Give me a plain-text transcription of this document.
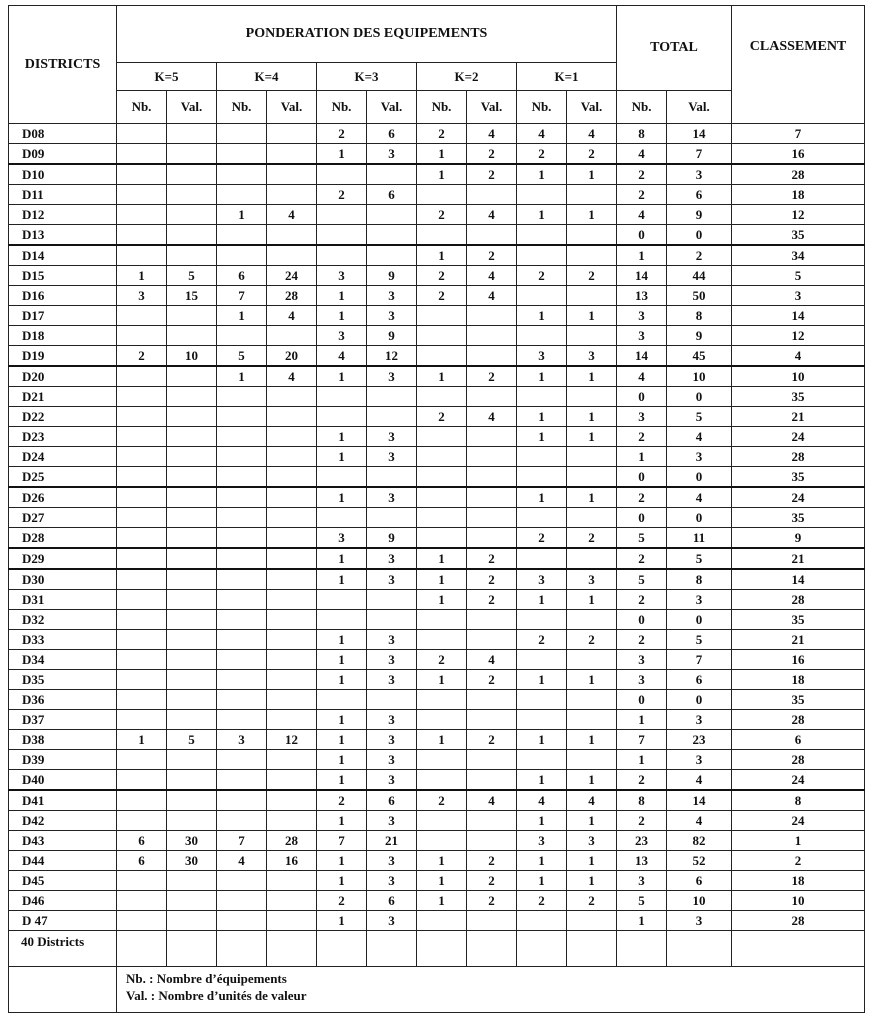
DISTRICTS	PONDERATION DES EQUIPEMENTS										TOTAL		CLASSEMENT
	K=5		K=4		K=3		K=2		K=1				
	Nb.	Val.	Nb.	Val.	Nb.	Val.	Nb.	Val.	Nb.	Val.	Nb.	Val.	
D08					2	6	2	4	4	4	8	14	7
D09					1	3	1	2	2	2	4	7	16
D10							1	2	1	1	2	3	28
D11					2	6					2	6	18
D12			1	4			2	4	1	1	4	9	12
D13											0	0	35
D14							1	2			1	2	34
D15	1	5	6	24	3	9	2	4	2	2	14	44	5
D16	3	15	7	28	1	3	2	4			13	50	3
D17			1	4	1	3			1	1	3	8	14
D18					3	9					3	9	12
D19	2	10	5	20	4	12			3	3	14	45	4
D20			1	4	1	3	1	2	1	1	4	10	10
D21											0	0	35
D22							2	4	1	1	3	5	21
D23					1	3			1	1	2	4	24
D24					1	3					1	3	28
D25											0	0	35
D26					1	3			1	1	2	4	24
D27											0	0	35
D28					3	9			2	2	5	11	9
D29					1	3	1	2			2	5	21
D30					1	3	1	2	3	3	5	8	14
D31							1	2	1	1	2	3	28
D32											0	0	35
D33					1	3			2	2	2	5	21
D34					1	3	2	4			3	7	16
D35					1	3	1	2	1	1	3	6	18
D36											0	0	35
D37					1	3					1	3	28
D38	1	5	3	12	1	3	1	2	1	1	7	23	6
D39					1	3					1	3	28
D40					1	3			1	1	2	4	24
D41					2	6	2	4	4	4	8	14	8
D42					1	3			1	1	2	4	24
D43	6	30	7	28	7	21			3	3	23	82	1
D44	6	30	4	16	1	3	1	2	1	1	13	52	2
D45					1	3	1	2	1	1	3	6	18
D46					2	6	1	2	2	2	5	10	10
D 47					1	3					1	3	28
40 Districts													

	Nb. : Nombre d’équipements
Val. : Nombre d’unités de valeur												
